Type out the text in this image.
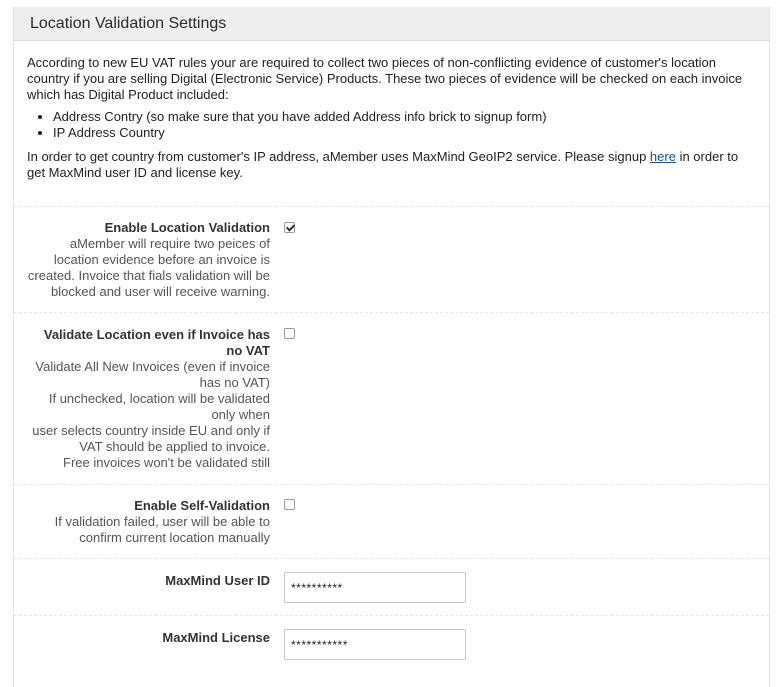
Location Validation Settings

According to new EU VAT rules your are required to collect two pieces of non-conflicting evidence of customer's location country if you are selling Digital (Electronic Service) Products. These two pieces of evidence will be checked on each invoice which has Digital Product included:

• Address Contry (so make sure that you have added Address info brick to signup form)
• IP Address Country

In order to get country from customer's IP address, aMember uses MaxMind GeoIP2 service. Please signup here in order to get MaxMind user ID and license key.

Enable Location Validation
aMember will require two peices of
location evidence before an invoice is
created. Invoice that fials validation will be
blocked and user will receive warning.
Validate Location even if Invoice has
no VAT
Validate All New Invoices (even if invoice
has no VAT)
If unchecked, location will be validated
only when
user selects country inside EU and only if
VAT should be applied to invoice.
Free invoices won't be validated still
Enable Self-Validation
If validation failed, user will be able to
confirm current location manually
MaxMind User ID
**********
MaxMind License
***********
